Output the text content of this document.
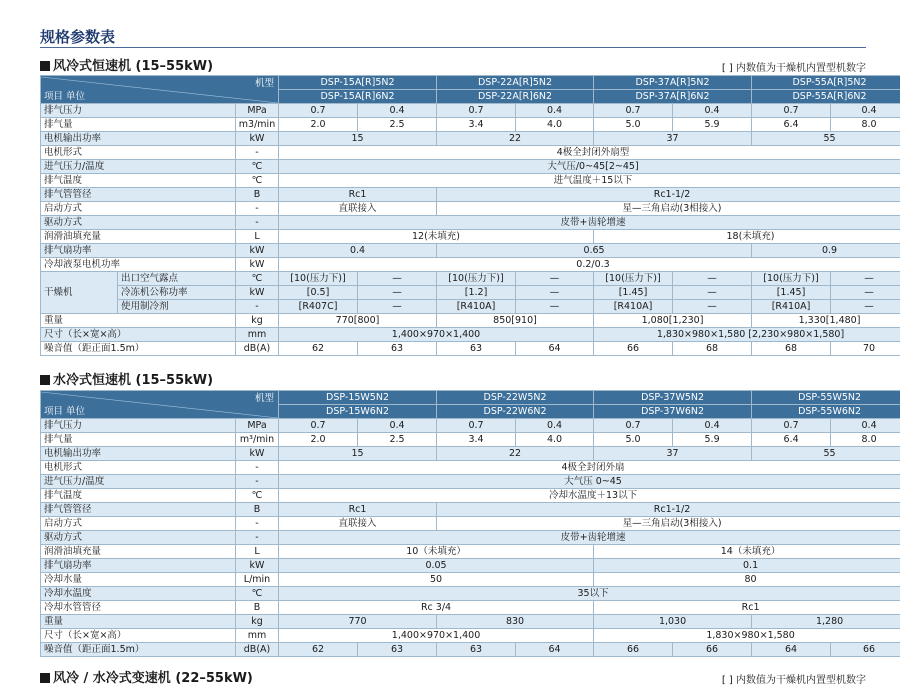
规格参数表
风冷式恒速机 (15–55kW)	[ ] 内数值为干燥机内置型机数字
机型
项目 单位			DSP-15A[R]5N2		DSP-22A[R]5N2		DSP-37A[R]5N2		DSP-55A[R]5N2	
			DSP-15A[R]6N2		DSP-22A[R]6N2		DSP-37A[R]6N2		DSP-55A[R]6N2	
排气压力		MPa	0.7	0.4	0.7	0.4	0.7	0.4	0.7	0.4
排气量		m3/min	2.0	2.5	3.4	4.0	5.0	5.9	6.4	8.0
电机输出功率		kW	15		22		37		55	
电机形式		-	4极全封闭外扇型							
进气压力/温度		℃	大气压/0~45[2~45]							
排气温度		℃	进气温度＋15以下							
排气管管径		B	Rc1		Rc1-1/2					
启动方式		-	直联接入		星—三角启动(3相接入)					
驱动方式		-	皮带+齿轮增速							
润滑油填充量		L	12(未填充)				18(未填充)			
排气扇功率		kW	0.4		0.65				0.9	
冷却液泵电机功率		kW	0.2/0.3							
干燥机	出口空气露点	℃	[10(压力下)]	—	[10(压力下)]	—	[10(压力下)]	—	[10(压力下)]	—
	冷冻机公称功率	kW	[0.5]	—	[1.2]	—	[1.45]	—	[1.45]	—
	使用制冷剂	-	[R407C]	—	[R410A]	—	[R410A]	—	[R410A]	—
重量		kg	770[800]		850[910]		1,080[1,230]		1,330[1,480]	
尺寸（长×宽×高）		mm	1,400×970×1,400				1,830×980×1,580 [2,230×980×1,580]			
噪音值（距正面1.5m）		dB(A)	62	63	63	64	66	68	68	70
水冷式恒速机 (15–55kW)
机型
项目 单位		DSP-15W5N2		DSP-22W5N2		DSP-37W5N2		DSP-55W5N2	
		DSP-15W6N2		DSP-22W6N2		DSP-37W6N2		DSP-55W6N2	
排气压力	MPa	0.7	0.4	0.7	0.4	0.7	0.4	0.7	0.4
排气量	m³/min	2.0	2.5	3.4	4.0	5.0	5.9	6.4	8.0
电机输出功率	kW	15		22		37		55	
电机形式	-	4极全封闭外扇							
进气压力/温度	-	大气压 0~45							
排气温度	℃	冷却水温度＋13以下							
排气管管径	B	Rc1		Rc1-1/2					
启动方式	-	直联接入		星—三角启动(3相接入)					
驱动方式	-	皮带+齿轮增速							
润滑油填充量	L	10（未填充）				14（未填充）			
排气扇功率	kW	0.05				0.1			
冷却水量	L/min	50				80			
冷却水温度	℃	35以下							
冷却水管管径	B	Rc 3/4				Rc1			
重量	kg	770		830		1,030		1,280	
尺寸（长×宽×高）	mm	1,400×970×1,400				1,830×980×1,580			
噪音值（距正面1.5m）	dB(A)	62	63	63	64	66	66	64	66
风冷 / 水冷式变速机 (22–55kW)	[ ] 内数值为干燥机内置型机数字
